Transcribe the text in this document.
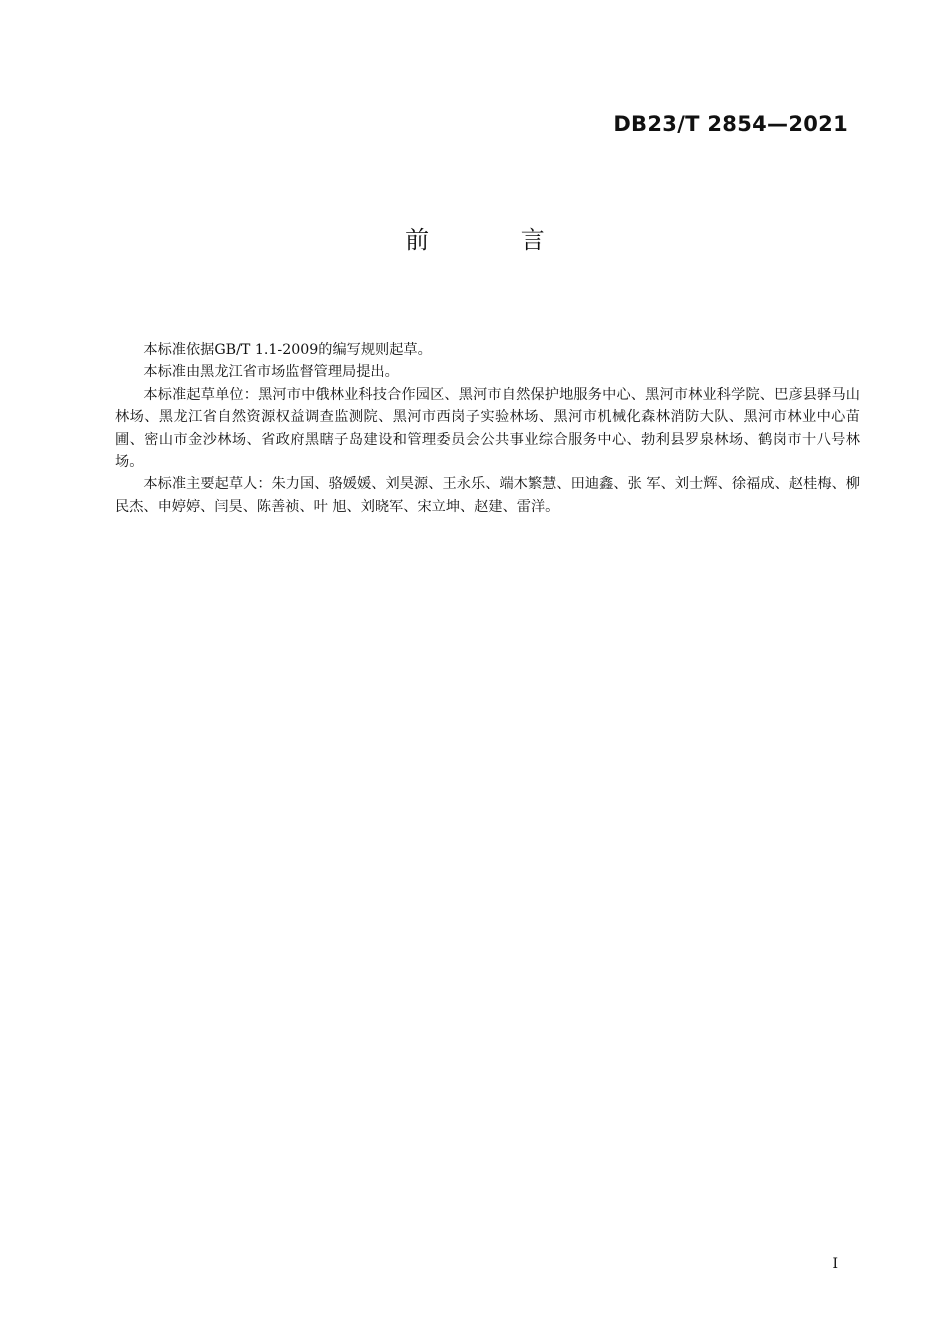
DB23/T 2854—2021
前 言

本标准依据GB/T 1.1-2009的编写规则起草。

本标准由黑龙江省市场监督管理局提出。

本标准起草单位：黑河市中俄林业科技合作园区、黑河市自然保护地服务中心、黑河市林业科学院、巴彦县驿马山林场、黑龙江省自然资源权益调查监测院、黑河市西岗子实验林场、黑河市机械化森林消防大队、黑河市林业中心苗圃、密山市金沙林场、省政府黑瞎子岛建设和管理委员会公共事业综合服务中心、勃利县罗泉林场、鹤岗市十八号林场。

本标准主要起草人：朱力国、骆媛媛、刘昊源、王永乐、端木繁慧、田迪鑫、张 军、刘士辉、徐福成、赵桂梅、柳民杰、申婷婷、闫昊、陈善祯、叶 旭、刘晓军、宋立坤、赵建、雷洋。

I
